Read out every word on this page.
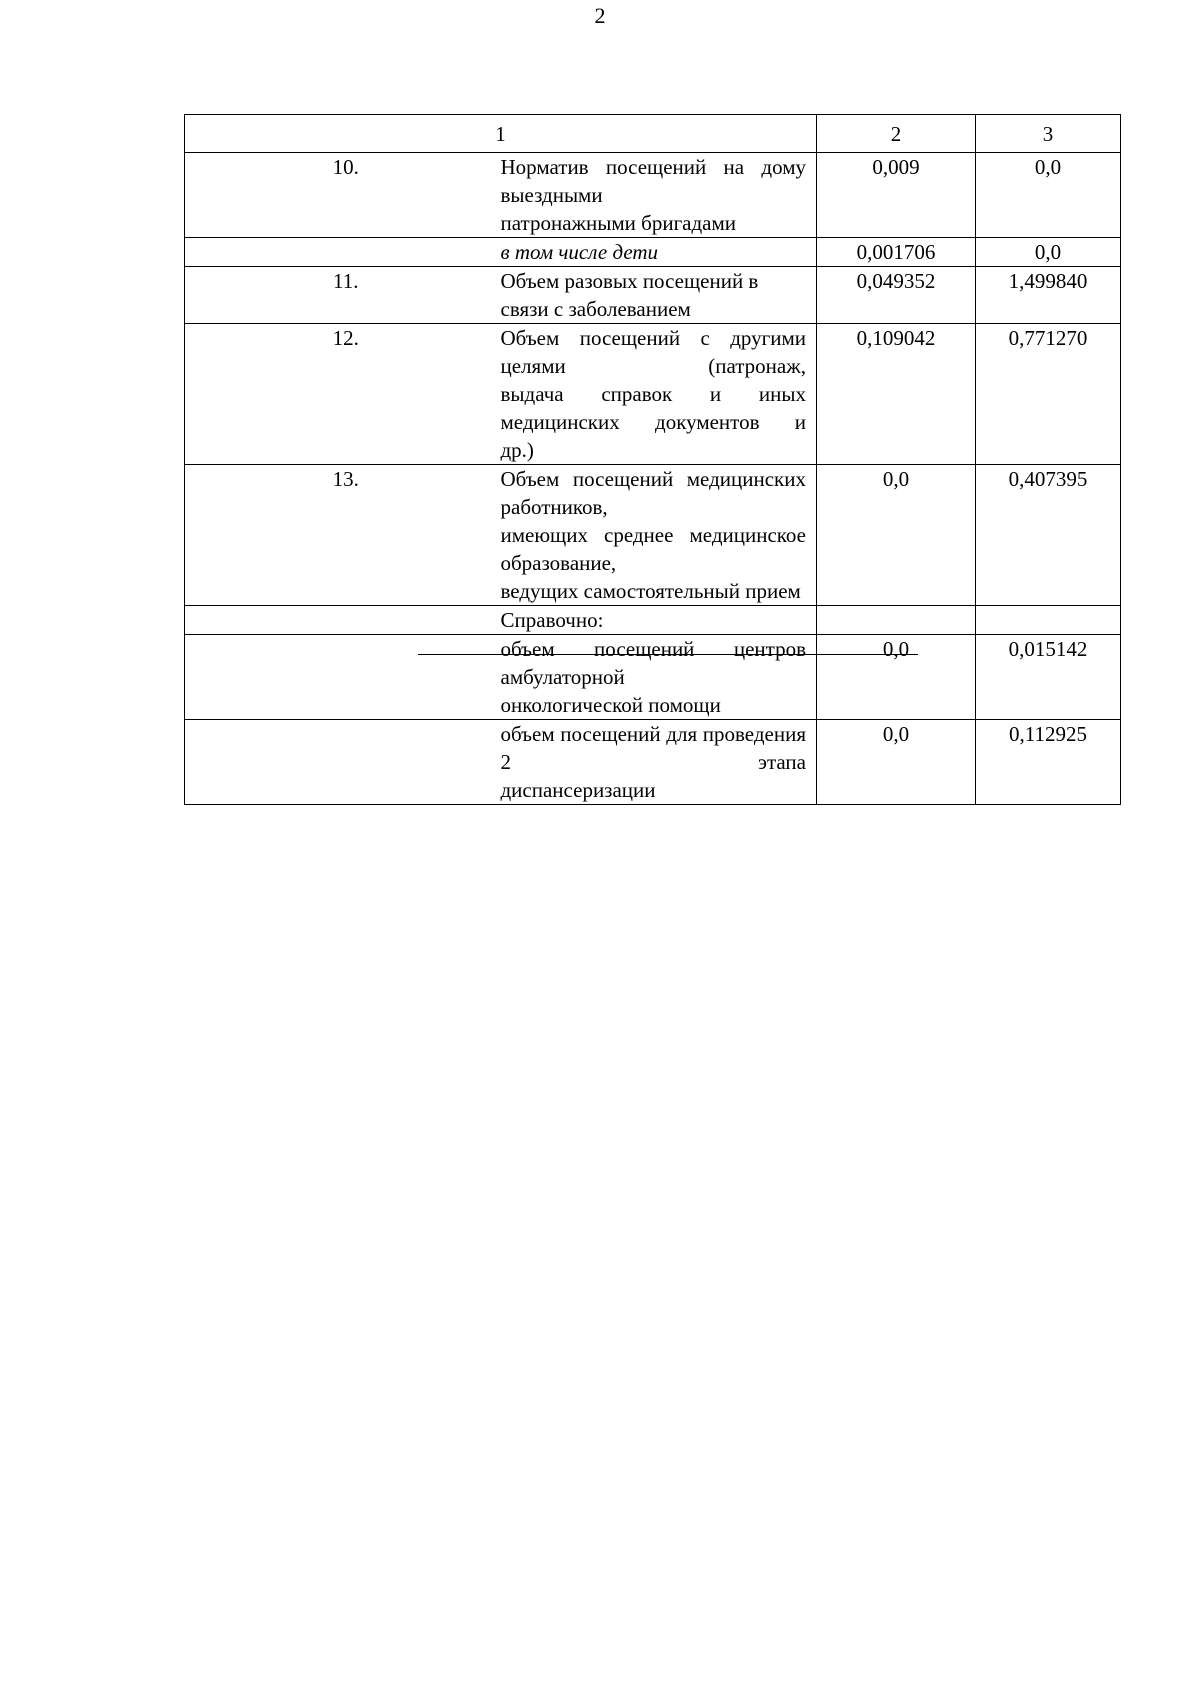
2
1		2	3
10.	Норматив посещений на дому выездными
патронажными бригадами	0,009	0,0

	в том числе дети	0,001706	0,0
11.	Объем разовых посещений в связи с заболеванием	0,049352	1,499840
12.	Объем посещений с другими целями (патронаж,
выдача справок и иных медицинских документов и
др.)	0,109042	0,771270
13.	Объем посещений медицинских работников,
имеющих среднее медицинское образование,
ведущих самостоятельный прием	0,0	0,407395

	Справочно:		

	объем посещений центров амбулаторной
онкологической помощи	0,0	0,015142

	объем посещений для проведения 2 этапа
диспансеризации	0,0	0,112925
